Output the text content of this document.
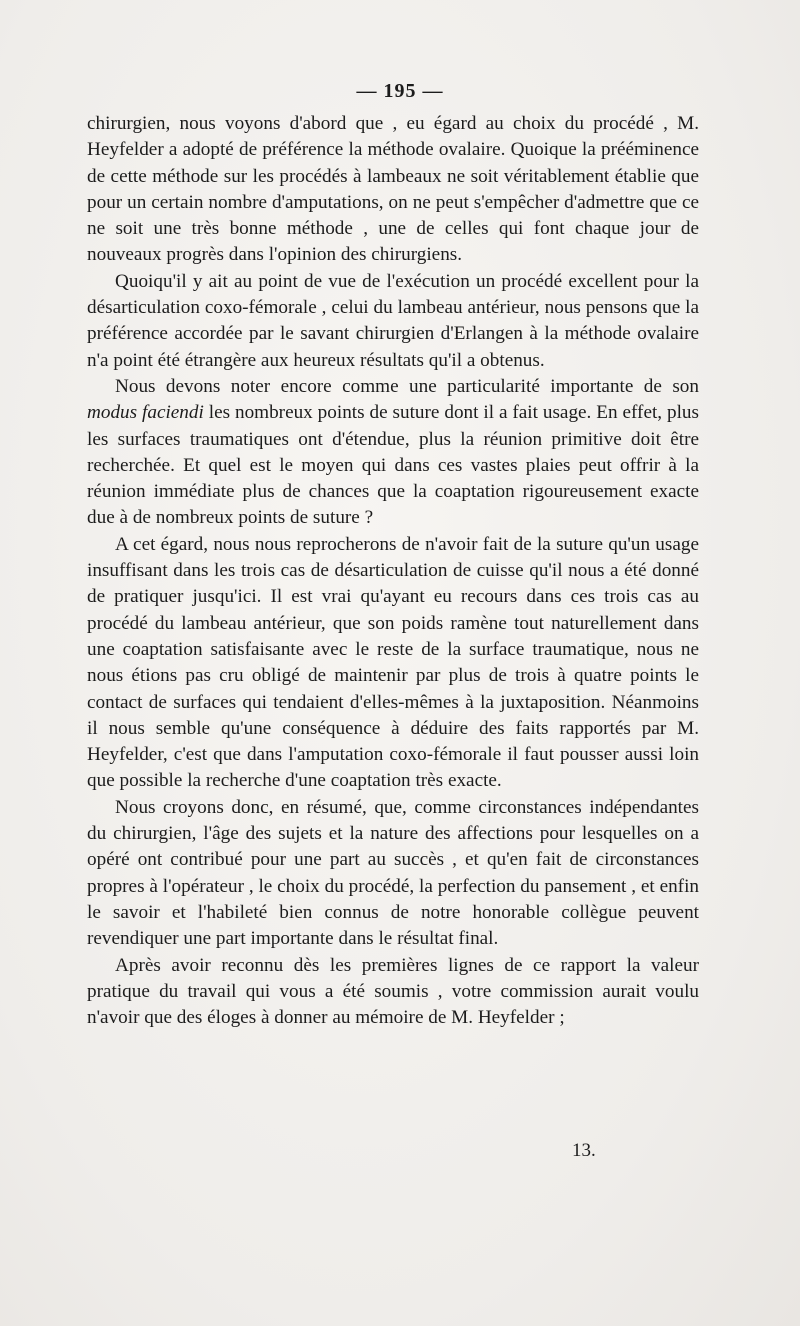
— 195 —

chirurgien, nous voyons d'abord que , eu égard au choix du procédé , M. Heyfelder a adopté de préférence la méthode ovalaire. Quoique la prééminence de cette méthode sur les procédés à lambeaux ne soit véritablement établie que pour un certain nombre d'amputations, on ne peut s'empêcher d'admettre que ce ne soit une très bonne méthode , une de celles qui font chaque jour de nouveaux progrès dans l'opinion des chirurgiens.

Quoiqu'il y ait au point de vue de l'exécution un procédé excellent pour la désarticulation coxo-fémorale , celui du lambeau antérieur, nous pensons que la préférence accordée par le savant chirurgien d'Erlangen à la méthode ovalaire n'a point été étrangère aux heureux résultats qu'il a obtenus.

Nous devons noter encore comme une particularité importante de son modus faciendi les nombreux points de suture dont il a fait usage. En effet, plus les surfaces traumatiques ont d'étendue, plus la réunion primitive doit être recherchée. Et quel est le moyen qui dans ces vastes plaies peut offrir à la réunion immédiate plus de chances que la coaptation rigoureusement exacte due à de nombreux points de suture ?

A cet égard, nous nous reprocherons de n'avoir fait de la suture qu'un usage insuffisant dans les trois cas de désarticulation de cuisse qu'il nous a été donné de pratiquer jusqu'ici. Il est vrai qu'ayant eu recours dans ces trois cas au procédé du lambeau antérieur, que son poids ramène tout naturellement dans une coaptation satisfaisante avec le reste de la surface traumatique, nous ne nous étions pas cru obligé de maintenir par plus de trois à quatre points le contact de surfaces qui tendaient d'elles-mêmes à la juxtaposition. Néanmoins il nous semble qu'une conséquence à déduire des faits rapportés par M. Heyfelder, c'est que dans l'amputation coxo-fémorale il faut pousser aussi loin que possible la recherche d'une coaptation très exacte.

Nous croyons donc, en résumé, que, comme circonstances indépendantes du chirurgien, l'âge des sujets et la nature des affections pour lesquelles on a opéré ont contribué pour une part au succès , et qu'en fait de circonstances propres à l'opérateur , le choix du procédé, la perfection du pansement , et enfin le savoir et l'habileté bien connus de notre honorable collègue peuvent revendiquer une part importante dans le résultat final.

Après avoir reconnu dès les premières lignes de ce rapport la valeur pratique du travail qui vous a été soumis , votre commission aurait voulu n'avoir que des éloges à donner au mémoire de M. Heyfelder ;

13.
